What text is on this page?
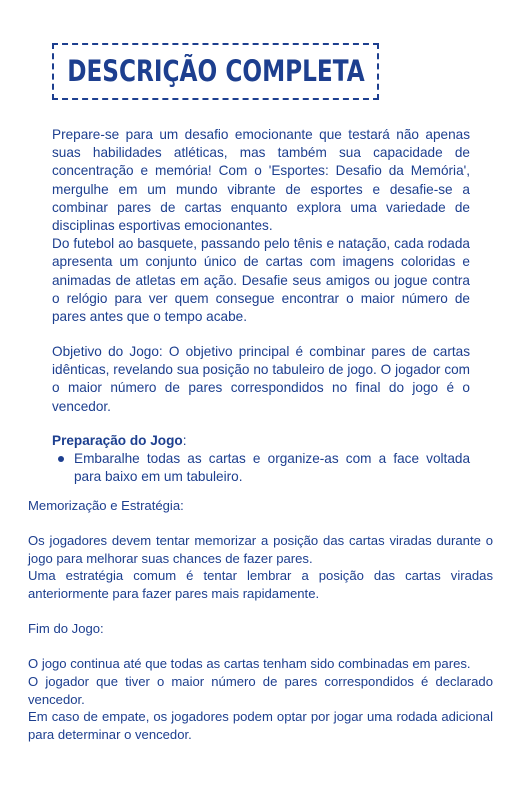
DESCRIÇÃO COMPLETA

Prepare-se para um desafio emocionante que testará não apenas suas habilidades atléticas, mas também sua capacidade de concentração e memória! Com o 'Esportes: Desafio da Memória', mergulhe em um mundo vibrante de esportes e desafie-se a combinar pares de cartas enquanto explora uma variedade de disciplinas esportivas emocionantes.

Do futebol ao basquete, passando pelo tênis e natação, cada rodada apresenta um conjunto único de cartas com imagens coloridas e animadas de atletas em ação. Desafie seus amigos ou jogue contra o relógio para ver quem consegue encontrar o maior número de pares antes que o tempo acabe.

Objetivo do Jogo: O objetivo principal é combinar pares de cartas idênticas, revelando sua posição no tabuleiro de jogo. O jogador com o maior número de pares correspondidos no final do jogo é o vencedor.

Preparação do Jogo:

Embaralhe todas as cartas e organize-as com a face voltada para baixo em um tabuleiro.

Memorização e Estratégia:

Os jogadores devem tentar memorizar a posição das cartas viradas durante o jogo para melhorar suas chances de fazer pares.

Uma estratégia comum é tentar lembrar a posição das cartas viradas anteriormente para fazer pares mais rapidamente.

Fim do Jogo:

O jogo continua até que todas as cartas tenham sido combinadas em pares.

O jogador que tiver o maior número de pares correspondidos é declarado vencedor.

Em caso de empate, os jogadores podem optar por jogar uma rodada adicional para determinar o vencedor.
